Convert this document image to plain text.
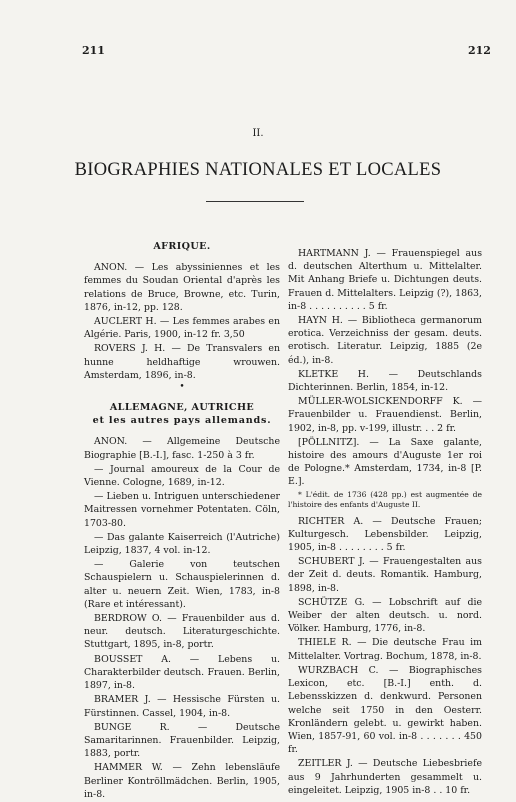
211	212
II.
BIOGRAPHIES NATIONALES ET LOCALES

AFRIQUE.

ANON. — Les abyssiniennes et les femmes du Soudan Oriental d'après les relations de Bruce, Browne, etc. Turin, 1876, in-12, pp. 128.

AUCLERT H. — Les femmes arabes en Algérie. Paris, 1900, in-12 fr. 3,50

ROVERS J. H. — De Transvalers en hunne heldhaftige wrouwen. Amsterdam, 1896, in-8.

•

ALLEMAGNE, AUTRICHE

et les autres pays allemands.

ANON. — Allgemeine Deutsche Biographie [B.-I.], fasc. 1-250 à 3 fr.

— Journal amoureux de la Cour de Vienne. Cologne, 1689, in-12.

— Lieben u. Intriguen unterschiedener Maitressen vornehmer Potentaten. Cöln, 1703-80.

— Das galante Kaiserreich (l'Autriche) Leipzig, 1837, 4 vol. in-12.

— Galerie von teutschen Schauspielern u. Schauspielerinnen d. alter u. neuern Zeit. Wien, 1783, in-8 (Rare et intéressant).

BERDROW O. — Frauenbilder aus d. neur. deutsch. Literaturgeschichte. Stuttgart, 1895, in-8, portr.

BOUSSET A. — Lebens u. Charakterbilder deutsch. Frauen. Berlin, 1897, in-8.

BRAMER J. — Hessische Fürsten u. Fürstinnen. Cassel, 1904, in-8.

BUNGE R. — Deutsche Samaritarinnen. Frauenbilder. Leipzig, 1883, portr.

HAMMER W. — Zehn lebensläufe Berliner Kontröllmädchen. Berlin, 1905, in-8.

HARTMANN J. — Frauenspiegel aus d. deutschen Alterthum u. Mittelalter. Mit Anhang Briefe u. Dichtungen deuts. Frauen d. Mittelalters. Leipzig (?), 1863, in-8 . . . . . . . . . . 5 fr.

HAYN H. — Bibliotheca germanorum erotica. Verzeichniss der gesam. deuts. erotisch. Literatur. Leipzig, 1885 (2e éd.), in-8.

KLETKE H. — Deutschlands Dichterinnen. Berlin, 1854, in-12.

MÜLLER-WOLSICKENDORFF K. — Frauenbilder u. Frauendienst. Berlin, 1902, in-8, pp. v-199, illustr. . . 2 fr.

[PÖLLNITZ]. — La Saxe galante, histoire des amours d'Auguste 1er roi de Pologne.* Amsterdam, 1734, in-8 [P. E.].

* L'édit. de 1736 (428 pp.) est augmentée de l'histoire des enfants d'Auguste II.

RICHTER A. — Deutsche Frauen; Kulturgesch. Lebensbilder. Leipzig, 1905, in-8 . . . . . . . . 5 fr.

SCHUBERT J. — Frauengestalten aus der Zeit d. deuts. Romantik. Hamburg, 1898, in-8.

SCHÜTZE G. — Lobschrift auf die Weiber der alten deutsch. u. nord. Völker. Hamburg, 1776, in-8.

THIELE R. — Die deutsche Frau im Mittelalter. Vortrag. Bochum, 1878, in-8.

WURZBACH C. — Biographisches Lexicon, etc. [B.-I.] enth. d. Lebensskizzen d. denkwurd. Personen welche seit 1750 in den Oesterr. Kronländern gelebt. u. gewirkt haben. Wien, 1857-91, 60 vol. in-8 . . . . . . . 450 fr.

ZEITLER J. — Deutsche Liebesbriefe aus 9 Jahrhunderten gesammelt u. eingeleitet. Leipzig, 1905 in-8 . . 10 fr.
